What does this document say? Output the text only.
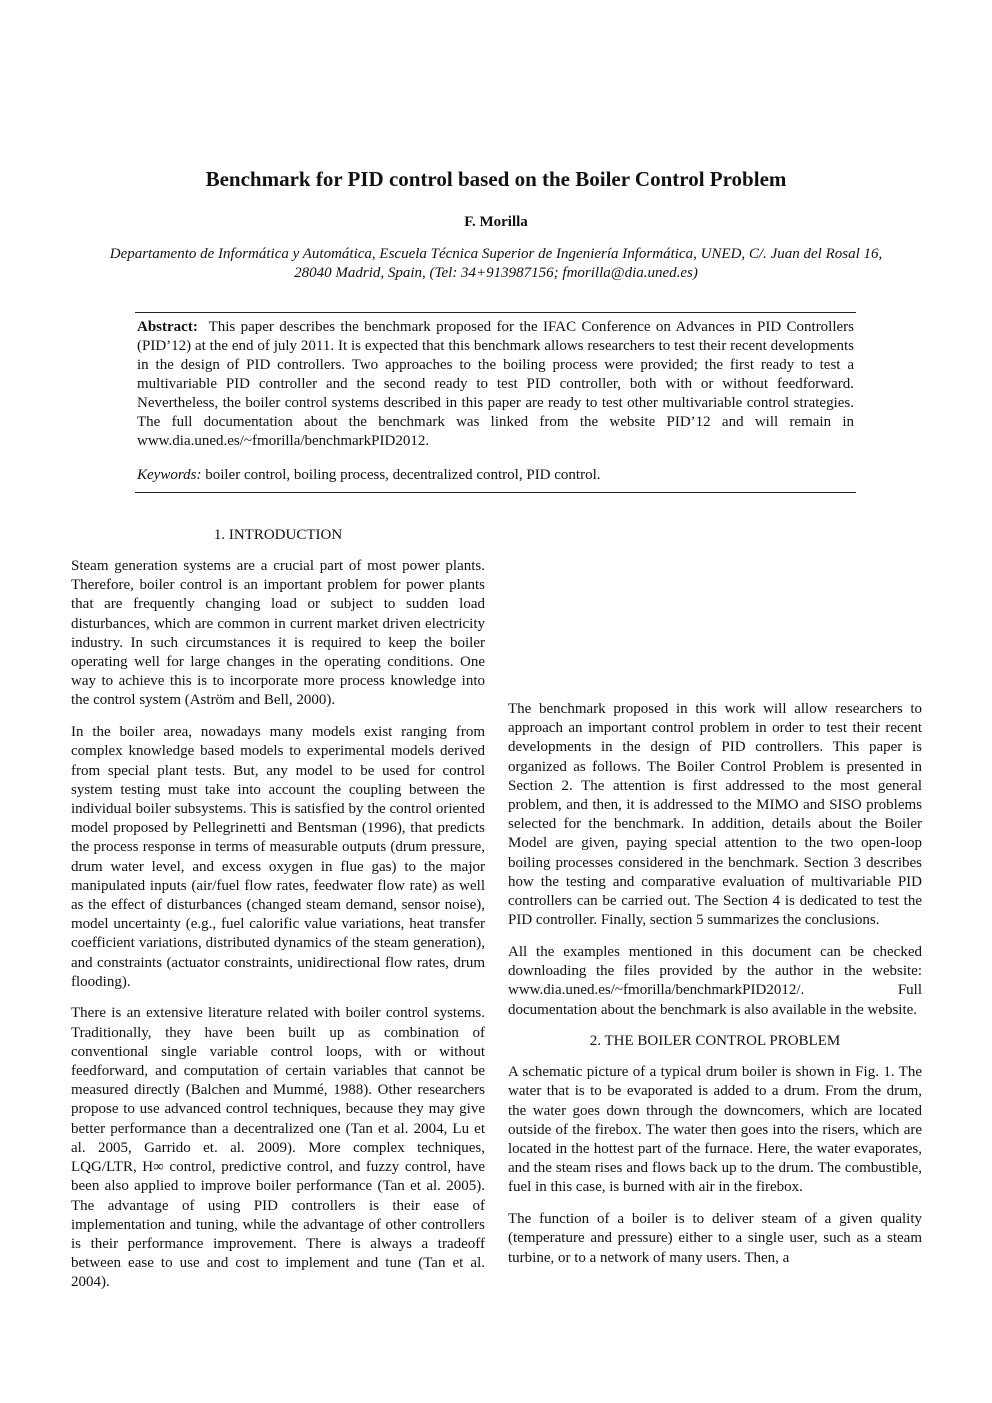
Benchmark for PID control based on the Boiler Control Problem
F. Morilla
Departamento de Informática y Automática, Escuela Técnica Superior de Ingeniería Informática, UNED, C/. Juan del Rosal 16,
28040 Madrid, Spain, (Tel: 34+913987156; fmorilla@dia.uned.es)
Abstract: This paper describes the benchmark proposed for the IFAC Conference on Advances in PID Controllers (PID’12) at the end of july 2011. It is expected that this benchmark allows researchers to test their recent developments in the design of PID controllers. Two approaches to the boiling process were provided; the first ready to test a multivariable PID controller and the second ready to test PID controller, both with or without feedforward. Nevertheless, the boiler control systems described in this paper are ready to test other multivariable control strategies. The full documentation about the benchmark was linked from the website PID’12 and will remain in www.dia.uned.es/~fmorilla/benchmarkPID2012.
Keywords: boiler control, boiling process, decentralized control, PID control.
1. INTRODUCTION

Steam generation systems are a crucial part of most power plants. Therefore, boiler control is an important problem for power plants that are frequently changing load or subject to sudden load disturbances, which are common in current market driven electricity industry. In such circumstances it is required to keep the boiler operating well for large changes in the operating conditions. One way to achieve this is to incorporate more process knowledge into the control system (Aström and Bell, 2000).

In the boiler area, nowadays many models exist ranging from complex knowledge based models to experimental models derived from special plant tests. But, any model to be used for control system testing must take into account the coupling between the individual boiler subsystems. This is satisfied by the control oriented model proposed by Pellegrinetti and Bentsman (1996), that predicts the process response in terms of measurable outputs (drum pressure, drum water level, and excess oxygen in flue gas) to the major manipulated inputs (air/fuel flow rates, feedwater flow rate) as well as the effect of disturbances (changed steam demand, sensor noise), model uncertainty (e.g., fuel calorific value variations, heat transfer coefficient variations, distributed dynamics of the steam generation), and constraints (actuator constraints, unidirectional flow rates, drum flooding).

There is an extensive literature related with boiler control systems. Traditionally, they have been built up as combination of conventional single variable control loops, with or without feedforward, and computation of certain variables that cannot be measured directly (Balchen and Mummé, 1988). Other researchers propose to use advanced control techniques, because they may give better performance than a decentralized one (Tan et al. 2004, Lu et al. 2005, Garrido et. al. 2009). More complex techniques, LQG/LTR, H∞ control, predictive control, and fuzzy control, have been also applied to improve boiler performance (Tan et al. 2005). The advantage of using PID controllers is their ease of implementation and tuning, while the advantage of other controllers is their performance improvement. There is always a tradeoff between ease to use and cost to implement and tune (Tan et al. 2004).

The benchmark proposed in this work will allow researchers to approach an important control problem in order to test their recent developments in the design of PID controllers. This paper is organized as follows. The Boiler Control Problem is presented in Section 2. The attention is first addressed to the most general problem, and then, it is addressed to the MIMO and SISO problems selected for the benchmark. In addition, details about the Boiler Model are given, paying special attention to the two open-loop boiling processes considered in the benchmark. Section 3 describes how the testing and comparative evaluation of multivariable PID controllers can be carried out. The Section 4 is dedicated to test the PID controller. Finally, section 5 summarizes the conclusions.

All the examples mentioned in this document can be checked downloading the files provided by the author in the website: www.dia.uned.es/~fmorilla/benchmarkPID2012/. Full documentation about the benchmark is also available in the website.

2. THE BOILER CONTROL PROBLEM

A schematic picture of a typical drum boiler is shown in Fig. 1. The water that is to be evaporated is added to a drum. From the drum, the water goes down through the downcomers, which are located outside of the firebox. The water then goes into the risers, which are located in the hottest part of the furnace. Here, the water evaporates, and the steam rises and flows back up to the drum. The combustible, fuel in this case, is burned with air in the firebox.

The function of a boiler is to deliver steam of a given quality (temperature and pressure) either to a single user, such as a steam turbine, or to a network of many users. Then, a
